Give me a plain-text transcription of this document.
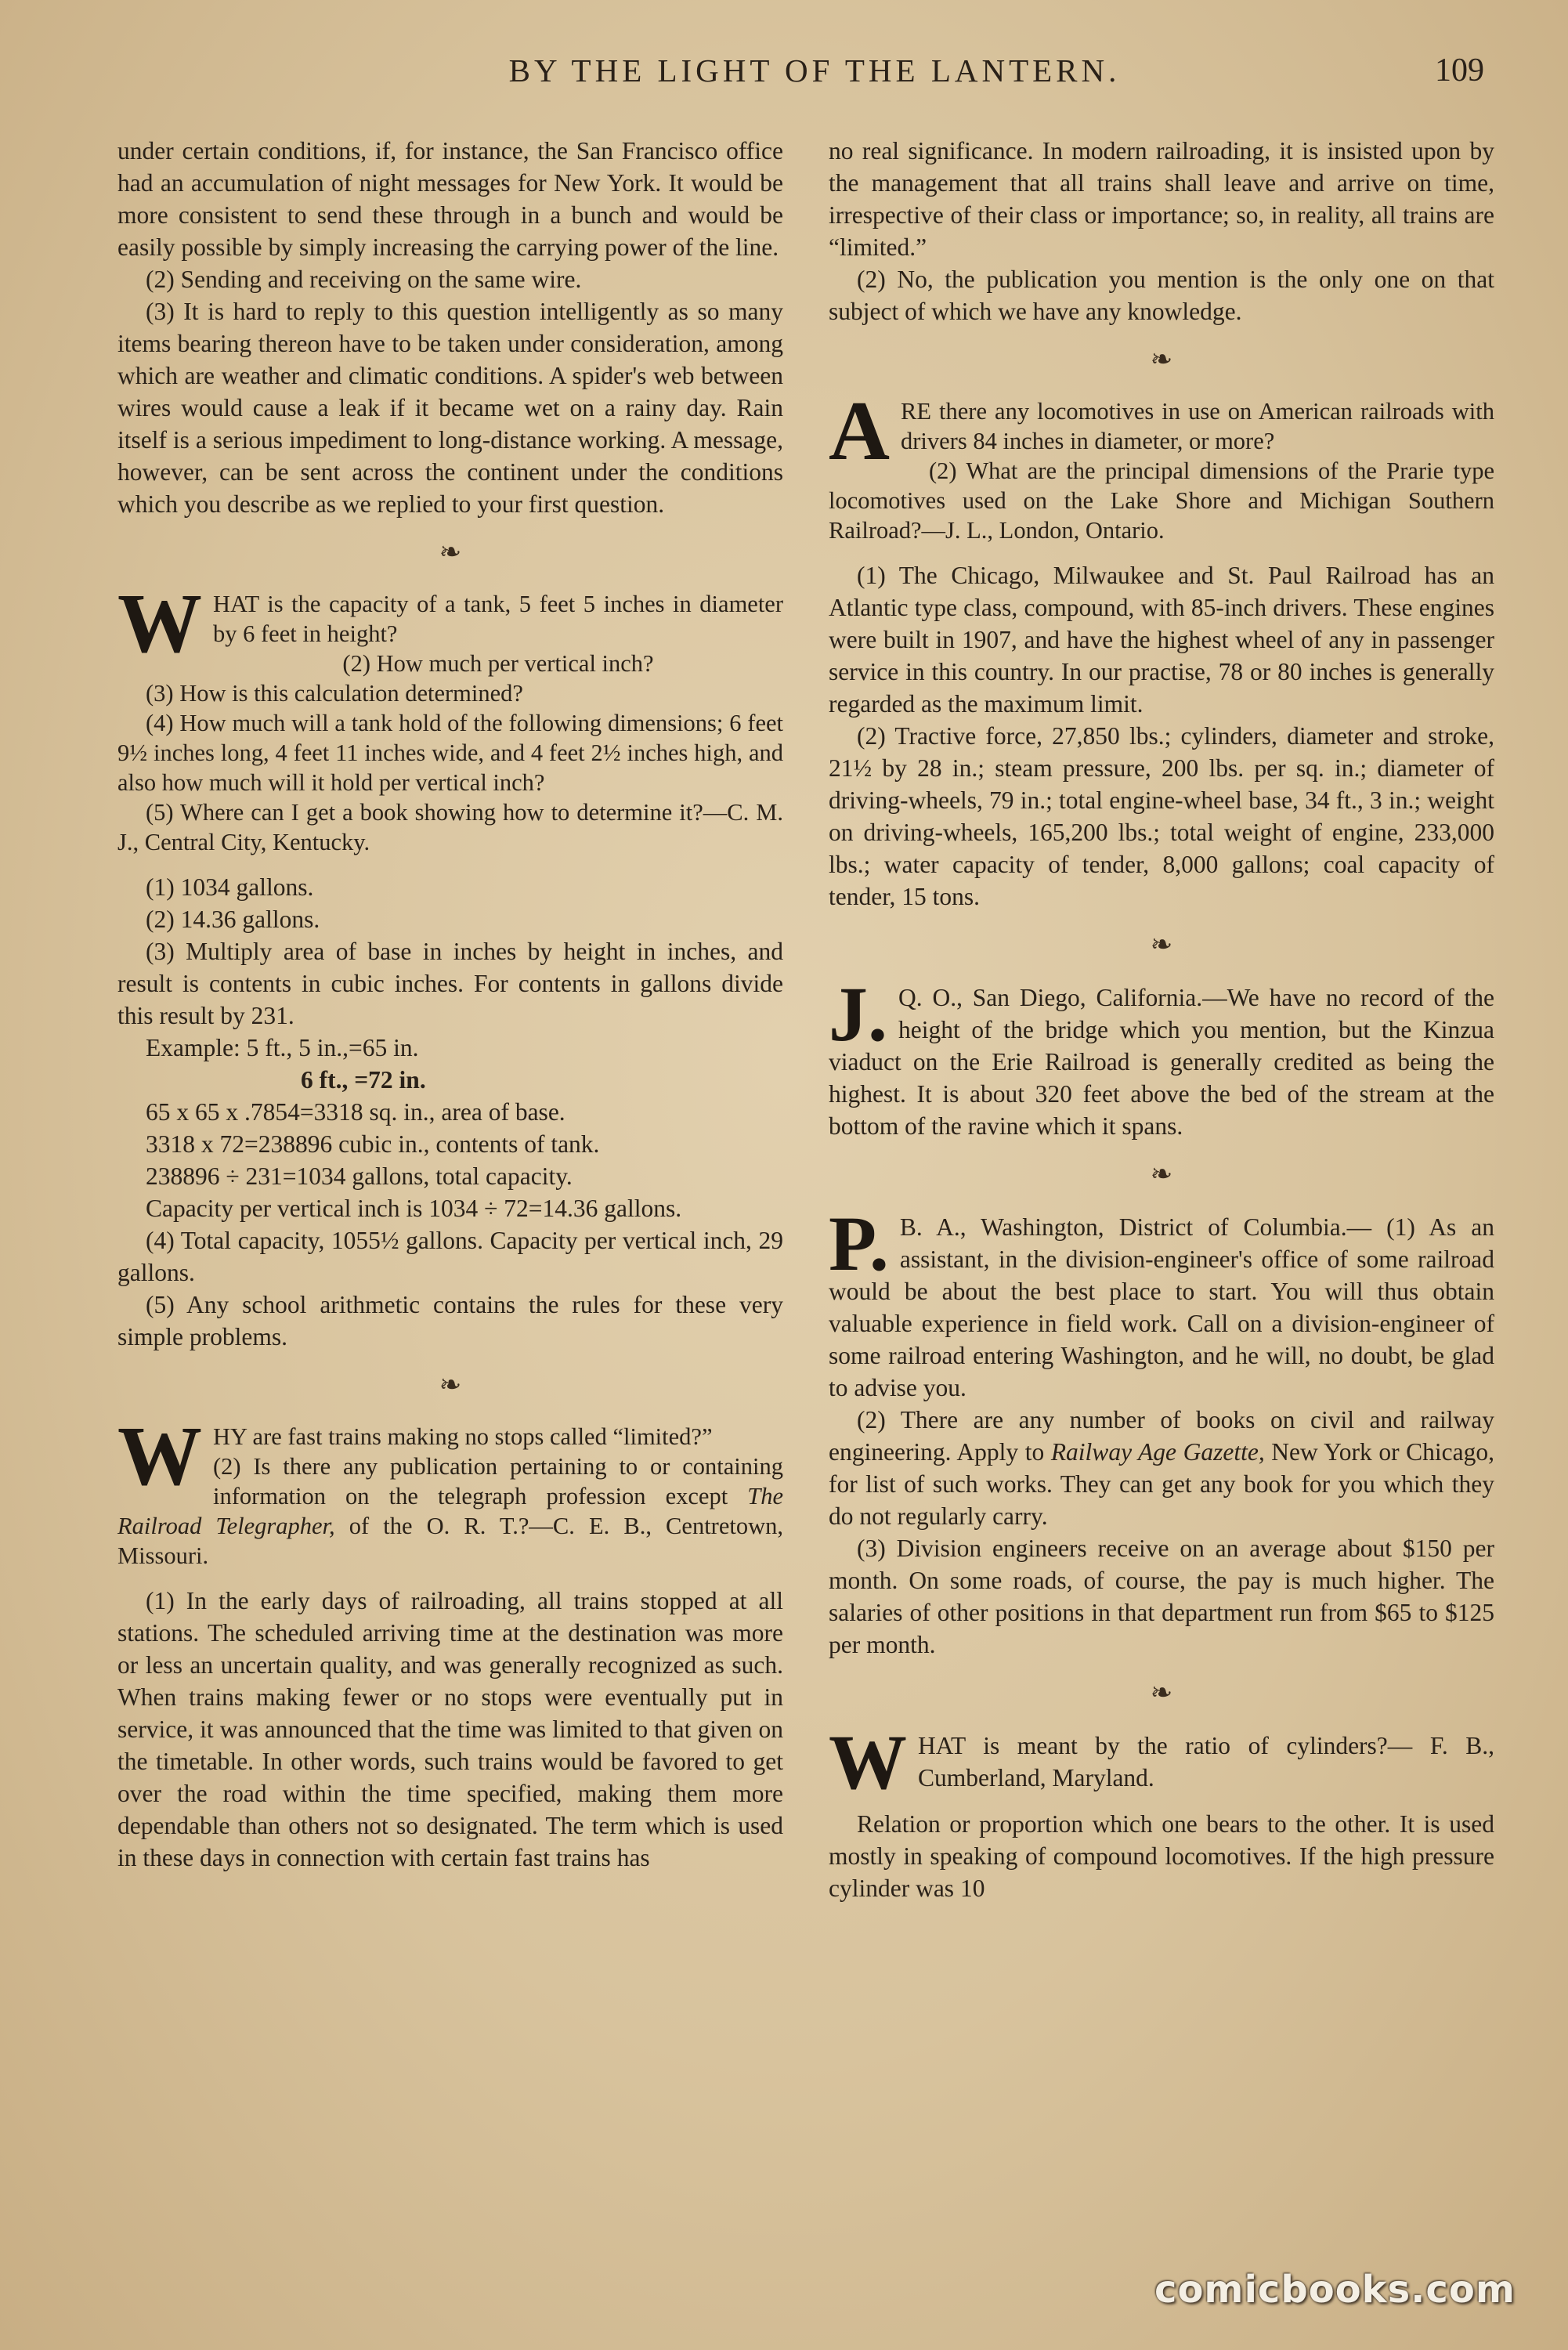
BY THE LIGHT OF THE LANTERN.	109

under certain conditions, if, for instance, the San Francisco office had an accumulation of night messages for New York. It would be more consistent to send these through in a bunch and would be easily possible by simply increasing the carrying power of the line.

(2) Sending and receiving on the same wire.

(3) It is hard to reply to this question intelligently as so many items bearing thereon have to be taken under consideration, among which are weather and climatic conditions. A spider's web between wires would cause a leak if it became wet on a rainy day. Rain itself is a serious impediment to long-distance working. A message, however, can be sent across the continent under the conditions which you describe as we replied to your first question.

❧
W HAT is the capacity of a tank, 5 feet 5 inches in diameter by 6 feet in height?

(2) How much per vertical inch?

(3) How is this calculation determined?

(4) How much will a tank hold of the following dimensions; 6 feet 9½ inches long, 4 feet 11 inches wide, and 4 feet 2½ inches high, and also how much will it hold per vertical inch?

(5) Where can I get a book showing how to determine it?—C. M. J., Central City, Kentucky.

(1) 1034 gallons.

(2) 14.36 gallons.

(3) Multiply area of base in inches by height in inches, and result is contents in cubic inches. For contents in gallons divide this result by 231.

Example: 5 ft., 5 in.,=65 in.
6 ft., =72 in.

65 x 65 x .7854=3318 sq. in., area of base.

3318 x 72=238896 cubic in., contents of tank.

238896 ÷ 231=1034 gallons, total capacity.

Capacity per vertical inch is 1034 ÷ 72=14.36 gallons.

(4) Total capacity, 1055½ gallons. Capacity per vertical inch, 29 gallons.

(5) Any school arithmetic contains the rules for these very simple problems.

❧
W HY are fast trains making no stops called “limited?”

(2) Is there any publication pertaining to or containing information on the telegraph profession except The Railroad Telegrapher, of the O. R. T.?—C. E. B., Centretown, Missouri.

(1) In the early days of railroading, all trains stopped at all stations. The scheduled arriving time at the destination was more or less an uncertain quality, and was generally recognized as such. When trains making fewer or no stops were eventually put in service, it was announced that the time was limited to that given on the timetable. In other words, such trains would be favored to get over the road within the time specified, making them more dependable than others not so designated. The term which is used in these days in connection with certain fast trains has

no real significance. In modern railroading, it is insisted upon by the management that all trains shall leave and arrive on time, irrespective of their class or importance; so, in reality, all trains are “limited.”

(2) No, the publication you mention is the only one on that subject of which we have any knowledge.

❧
A RE there any locomotives in use on American railroads with drivers 84 inches in diameter, or more?

(2) What are the principal dimensions of the Prarie type locomotives used on the Lake Shore and Michigan Southern Railroad?—J. L., London, Ontario.

(1) The Chicago, Milwaukee and St. Paul Railroad has an Atlantic type class, compound, with 85-inch drivers. These engines were built in 1907, and have the highest wheel of any in passenger service in this country. In our practise, 78 or 80 inches is generally regarded as the maximum limit.

(2) Tractive force, 27,850 lbs.; cylinders, diameter and stroke, 21½ by 28 in.; steam pressure, 200 lbs. per sq. in.; diameter of driving-wheels, 79 in.; total engine-wheel base, 34 ft., 3 in.; weight on driving-wheels, 165,200 lbs.; total weight of engine, 233,000 lbs.; water capacity of tender, 8,000 gallons; coal capacity of tender, 15 tons.

❧
J. Q. O., San Diego, California.—We have no record of the height of the bridge which you mention, but the Kinzua viaduct on the Erie Railroad is generally credited as being the highest. It is about 320 feet above the bed of the stream at the bottom of the ravine which it spans.

❧
P. B. A., Washington, District of Columbia.— (1) As an assistant, in the division-engineer's office of some railroad would be about the best place to start. You will thus obtain valuable experience in field work. Call on a division-engineer of some railroad entering Washington, and he will, no doubt, be glad to advise you.

(2) There are any number of books on civil and railway engineering. Apply to Railway Age Gazette, New York or Chicago, for list of such works. They can get any book for you which they do not regularly carry.

(3) Division engineers receive on an average about $150 per month. On some roads, of course, the pay is much higher. The salaries of other positions in that department run from $65 to $125 per month.

❧
W HAT is meant by the ratio of cylinders?— F. B., Cumberland, Maryland.

Relation or proportion which one bears to the other. It is used mostly in speaking of compound locomotives. If the high pressure cylinder was 10

comicbooks.com
